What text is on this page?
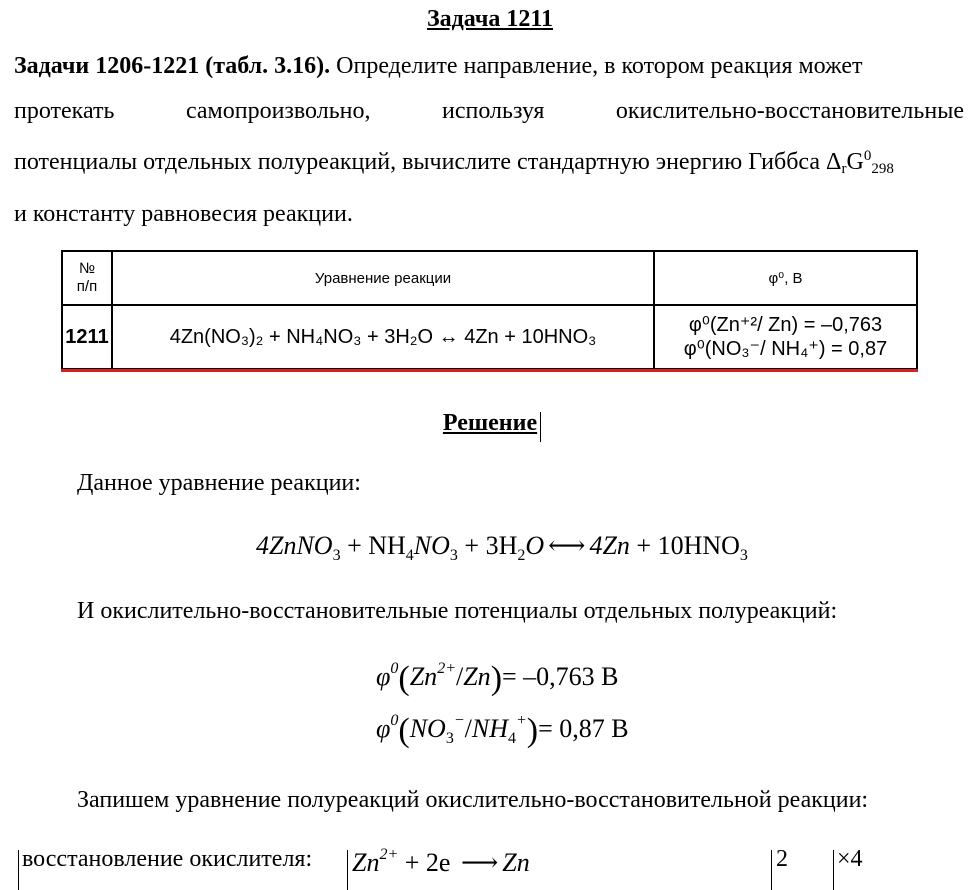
Задача 1211
Задачи 1206-1221 (табл. 3.16). Определите направление, в котором реакция может
протекать	самопроизвольно,	используя	окислительно-восстановительные
потенциалы отдельных полуреакций, вычислите стандартную энергию Гиббса $\Delta_rG^0_{298}$
и константу равновесия реакции.
№
п/п	Уравнение реакции	φ⁰, В
1211	4Zn(NO₃)₂ + NH₄NO₃ + 3H₂O ↔ 4Zn + 10HNO₃	φ⁰(Zn⁺²/ Zn) = –0,763
φ⁰(NO₃⁻/ NH₄⁺) = 0,87
Решение
Данное уравнение реакции:
4ZnNO$_3$ + $NH_4NO_3 + 3H_2O$ ⟷ $4Zn + 10HNO_3$
И окислительно-восстановительные потенциалы отдельных полуреакций:
$\varphi^0(Zn^{2+}/Zn)= -0,763$ В
$\varphi^0(NO_3^-/NH_4^+)= 0,87$ В
Запишем уравнение полуреакций окислительно-восстановительной реакции:
восстановление окислителя: $Zn^{2+} + 2e$ ⟶ Zn	2 ×4
